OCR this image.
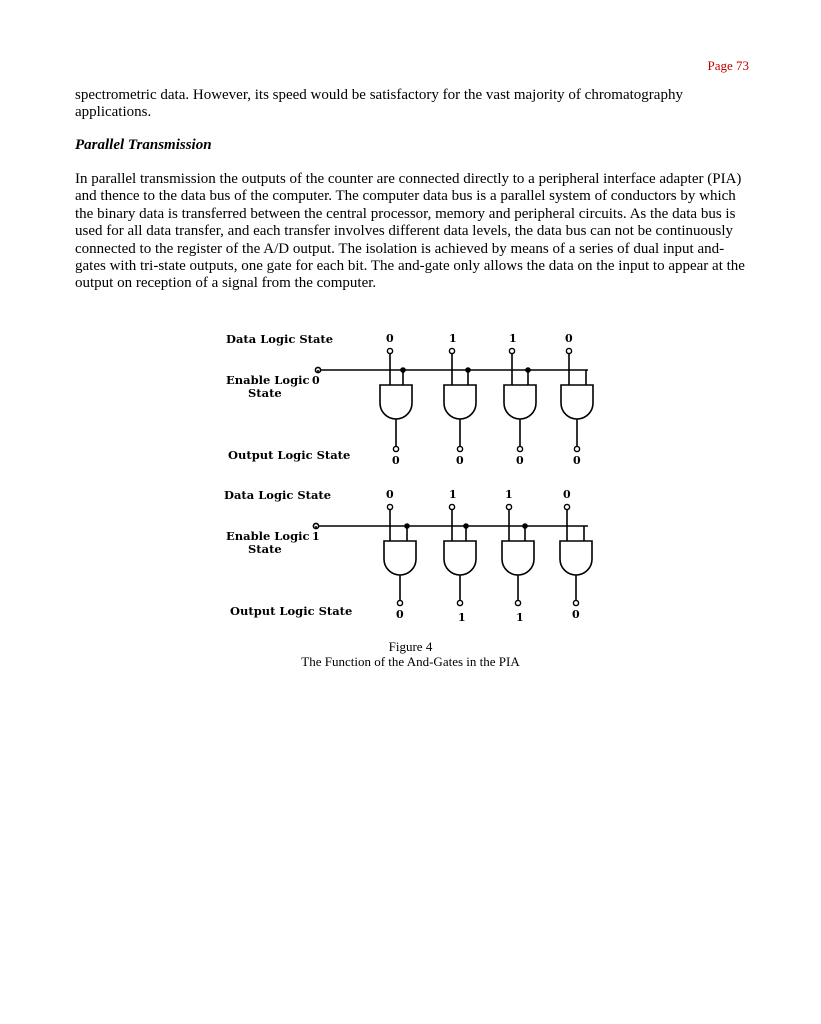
Page 73

spectrometric data. However, its speed would be satisfactory for the vast majority of chromatography applications.

Parallel Transmission

In parallel transmission the outputs of the counter are connected directly to a peripheral interface adapter (PIA) and thence to the data bus of the computer. The computer data bus is a parallel system of conductors by which the binary data is transferred between the central processor, memory and peripheral circuits. As the data bus is used for all data transfer, and each transfer involves different data levels, the data bus can not be continuously connected to the register of the A/D output. The isolation is achieved by means of a series of dual input and-gates with tri-state outputs, one gate for each bit. The and-gate only allows the data on the input to appear at the output on reception of a signal from the computer.

Data Logic State
Enable Logic 0
State
Output Logic State
0	1	1	0
0	0	0	0
Data Logic State
Enable Logic 1
State
Output Logic State
0	1	1	0
0	1	1	0
Figure 4
The Function of the And-Gates in the PIA
